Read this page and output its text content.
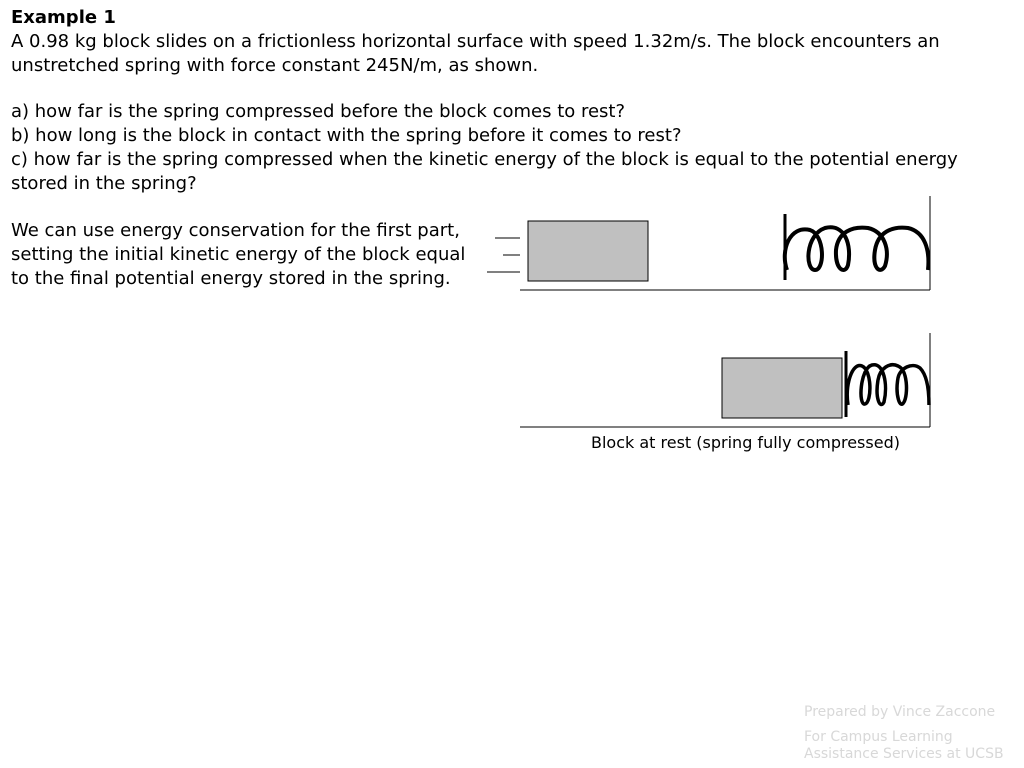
Example 1

A 0.98 kg block slides on a frictionless horizontal surface with speed 1.32m/s. The block encounters an unstretched spring with force constant 245N/m, as shown.

a) how far is the spring compressed before the block comes to rest?
b) how long is the block in contact with the spring before it comes to rest?
c) how far is the spring compressed when the kinetic energy of the block is equal to the potential energy stored in the spring?

We can use energy conservation for the first part, setting the initial kinetic energy of the block equal to the final potential energy stored in the spring.

Block at rest (spring fully compressed)
Prepared by Vince Zaccone
For Campus Learning
Assistance Services at UCSB
